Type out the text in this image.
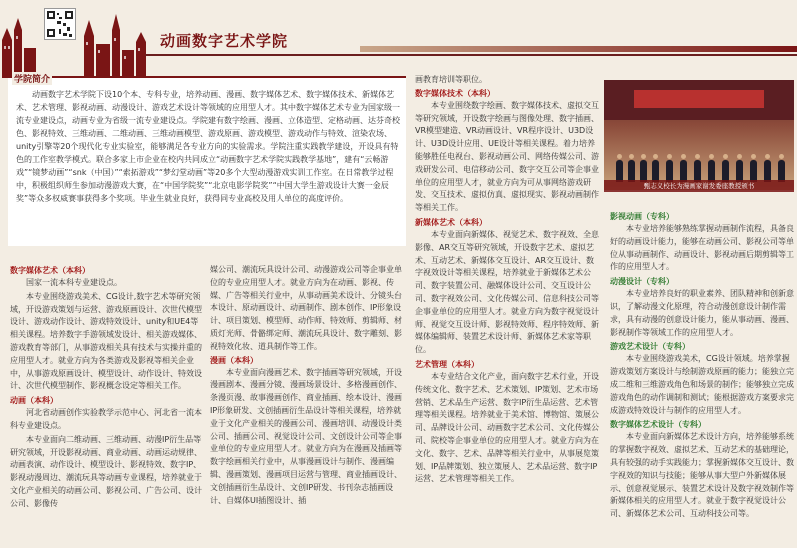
动画数字艺术学院
学院简介
动画数字艺术学院下设10个本、专科专业，培养动画、漫画、数字媒体艺术、数字媒体技术、新媒体艺术、艺术管理、影视动画、动漫设计、游戏艺术设计等领域的应用型人才。其中数字媒体艺术专业为国家级一流专业建设点，动画专业为省级一流专业建设点。学院建有数字绘画、漫画、立体造型、定格动画、达芬奇校色、影视特效、三维动画、二维动画、三维动画模型、游戏原画、游戏模型、游戏动作与特效、渲染农场、unity引擎等20个现代化专业实验室，能够满足各专业方向的实验需求。学院注重实践教学建设，开设具有特色的工作室教学模式。联合多家上市企业在校内共同成立“动画数字艺术学院实践教学基地”，建有“云畅游戏”“镜梦动画”“snk（中国）”“索拓游戏”“梦幻堂动画”等20多个大型动漫游戏实训工作室。在日常教学过程中，积极组织师生参加动漫游戏大赛，在“中国学院奖”“北京电影学院奖”“中国大学生游戏设计大赛一金辰奖”等众多权威赛事获得多个奖项。毕业生就业良好，获得同专业高校及用人单位的高度评价。
数字媒体艺术（本科）

国家一流本科专业建设点。

本专业围绕游戏美术、CG设计,数字艺术等研究领域，开设游戏策划与运营、游戏原画设计、次世代模型设计、游戏动作设计、游戏特效设计、unity和UE4等相关课程。培养数字手游领域发设计、相关游戏媒体、游戏教育等部门，从事游戏相关具有技术与实操并重的应用型人才。就业方向为各类游戏及影视等相关企业中，从事游戏原画设计、模型设计、动作设计、特效设计、次世代模型制作、影视概念设定等相关工作。

动画（本科）

河北省动画创作实验教学示范中心、河北省一流本科专业建设点。

本专业面向二维动画、三维动画、动漫IP衍生品等研究领域，开设影视动画、商业动画、动画运动规律、动画表演、动作设计、模型设计、影视特效、数字IP、影视动漫周边、潮流玩具等动画专业课程，培养就业于文化产业相关的动画公司、影视公司、广告公司、设计公司、影像传

媒公司、潮流玩具设计公司、动漫游戏公司等企事业单位的专业应用型人才。就业方向为在动画、影视、传媒、广告等相关行业中，从事动画美术设计、分镜头台本设计、原动画设计、动画制作、剧本创作、IP形象设计、项目策划、模型师、动作师、特效师、剪辑师、材质灯光师、骨骼绑定师、潮流玩具设计、数字雕刻、影视特效化妆、道具制作等工作。
漫画（本科）

本专业面向漫画艺术、数字插画等研究领域，开设漫画剧本、漫画分镜、漫画场景设计、多格漫画创作、条漫页漫、故事漫画创作、商业插画、绘本设计、漫画IP形象研发、文创插画衍生品设计等相关课程，培养就业于文化产业相关的漫画公司、漫画培训、动漫设计类公司、插画公司、视觉设计公司、文创设计公司等企事业单位的专业应用型人才。就业方向为在漫画及插画等数字绘画相关行业中，从事漫画设计与制作、漫画编辑、漫画策划、漫画项目运营与管理、商业插画设计、文创插画衍生品设计、文创IP研发、书刊杂志插画设计、自媒体UI插图设计、插

画教育培训等职位。
数字媒体技术（本科）

本专业围绕数字绘画、数字媒体技术、虚拟交互等研究领域，开设数字绘画与图像处理、数字插画、VR模型建造、VR动画设计、VR程序设计、U3D设计、U3D设计应用、UE设计等相关课程。着力培养能够胜任电视台、影视动画公司、网络传媒公司、游戏研发公司、电信移动公司、数字交互公司等企事业单位的应用型人才，就业方向为可从事网络游戏研发、交互技术、虚拟仿真、虚拟现实、影视动画制作等相关工作。

新媒体艺术（本科）

本专业面向新媒体、视觉艺术、数字视效、全息影像、AR交互等研究领域，开设数字艺术、虚拟艺术、互动艺术、新媒体交互设计、AR交互设计、数字视效设计等相关课程，培养就业于新媒体艺术公司、数字装置公司、融媒体设计公司、交互设计公司、数字视效公司、文化传媒公司、信息科技公司等企事业单位的应用型人才。就业方向为数字视觉设计师、视觉交互设计师、影视特效师、程序特效师、新媒体编辑师、装置艺术设计师、新媒体艺术家等职位。

艺术管理（本科）

本专业结合文化产业，面向数字艺术行业，开设传统文化、数字艺术、艺术策划、IP策划、艺术市场营销、艺术品生产运营、数字IP衍生品运营、艺术管理等相关课程。培养就业于美术馆、博物馆、策展公司、品牌设计公司、动画数字艺术公司、文化传媒公司、院校等企事业单位的应用型人才。就业方向为在文化、数字、艺术、品牌等相关行业中，从事展览策划、IP品牌策划、独立策展人、艺术品运营、数字IP运营、艺术管理等相关工作。

影视动画（专科）

本专业培养能够熟练掌握动画制作流程，具备良好的动画设计能力，能够在动画公司、影视公司等单位从事动画制作、动画设计、影视动画后期剪辑等工作的应用型人才。

动漫设计（专科）

本专业培养良好的职业素养、团队精神和创新意识，了解动漫文化原理，符合动漫创意设计制作需求，具有动漫的创意设计能力，能从事动画、漫画、影视制作等领域工作的应用型人才。

游戏艺术设计（专科）

本专业围绕游戏美术，CG设计领域。培养掌握游戏策划方案设计与绘制游戏原画的能力；能独立完成二维和三维游戏角色和场景的制作；能够独立完成游戏角色的动作调制和测试；能根据游戏方案要求完成游戏特效设计与制作的应用型人才。

数字媒体艺术设计（专科）

本专业面向新媒体艺术设计方向，培养能够系统的掌握数字视效、虚拟艺术、互动艺术的基础理论，具有较强的动手实践能力；掌握新媒体交互设计、数字视效的知识与技能；能够从事大型户外新媒体展示、创意视觉展示、装置艺术设计及数字视效制作等新媒体相关的应用型人才。就业于数字视觉设计公司、新媒体艺术公司、互动科技公司等。

甄志义校长为漫画家谢发委座教授颁书
